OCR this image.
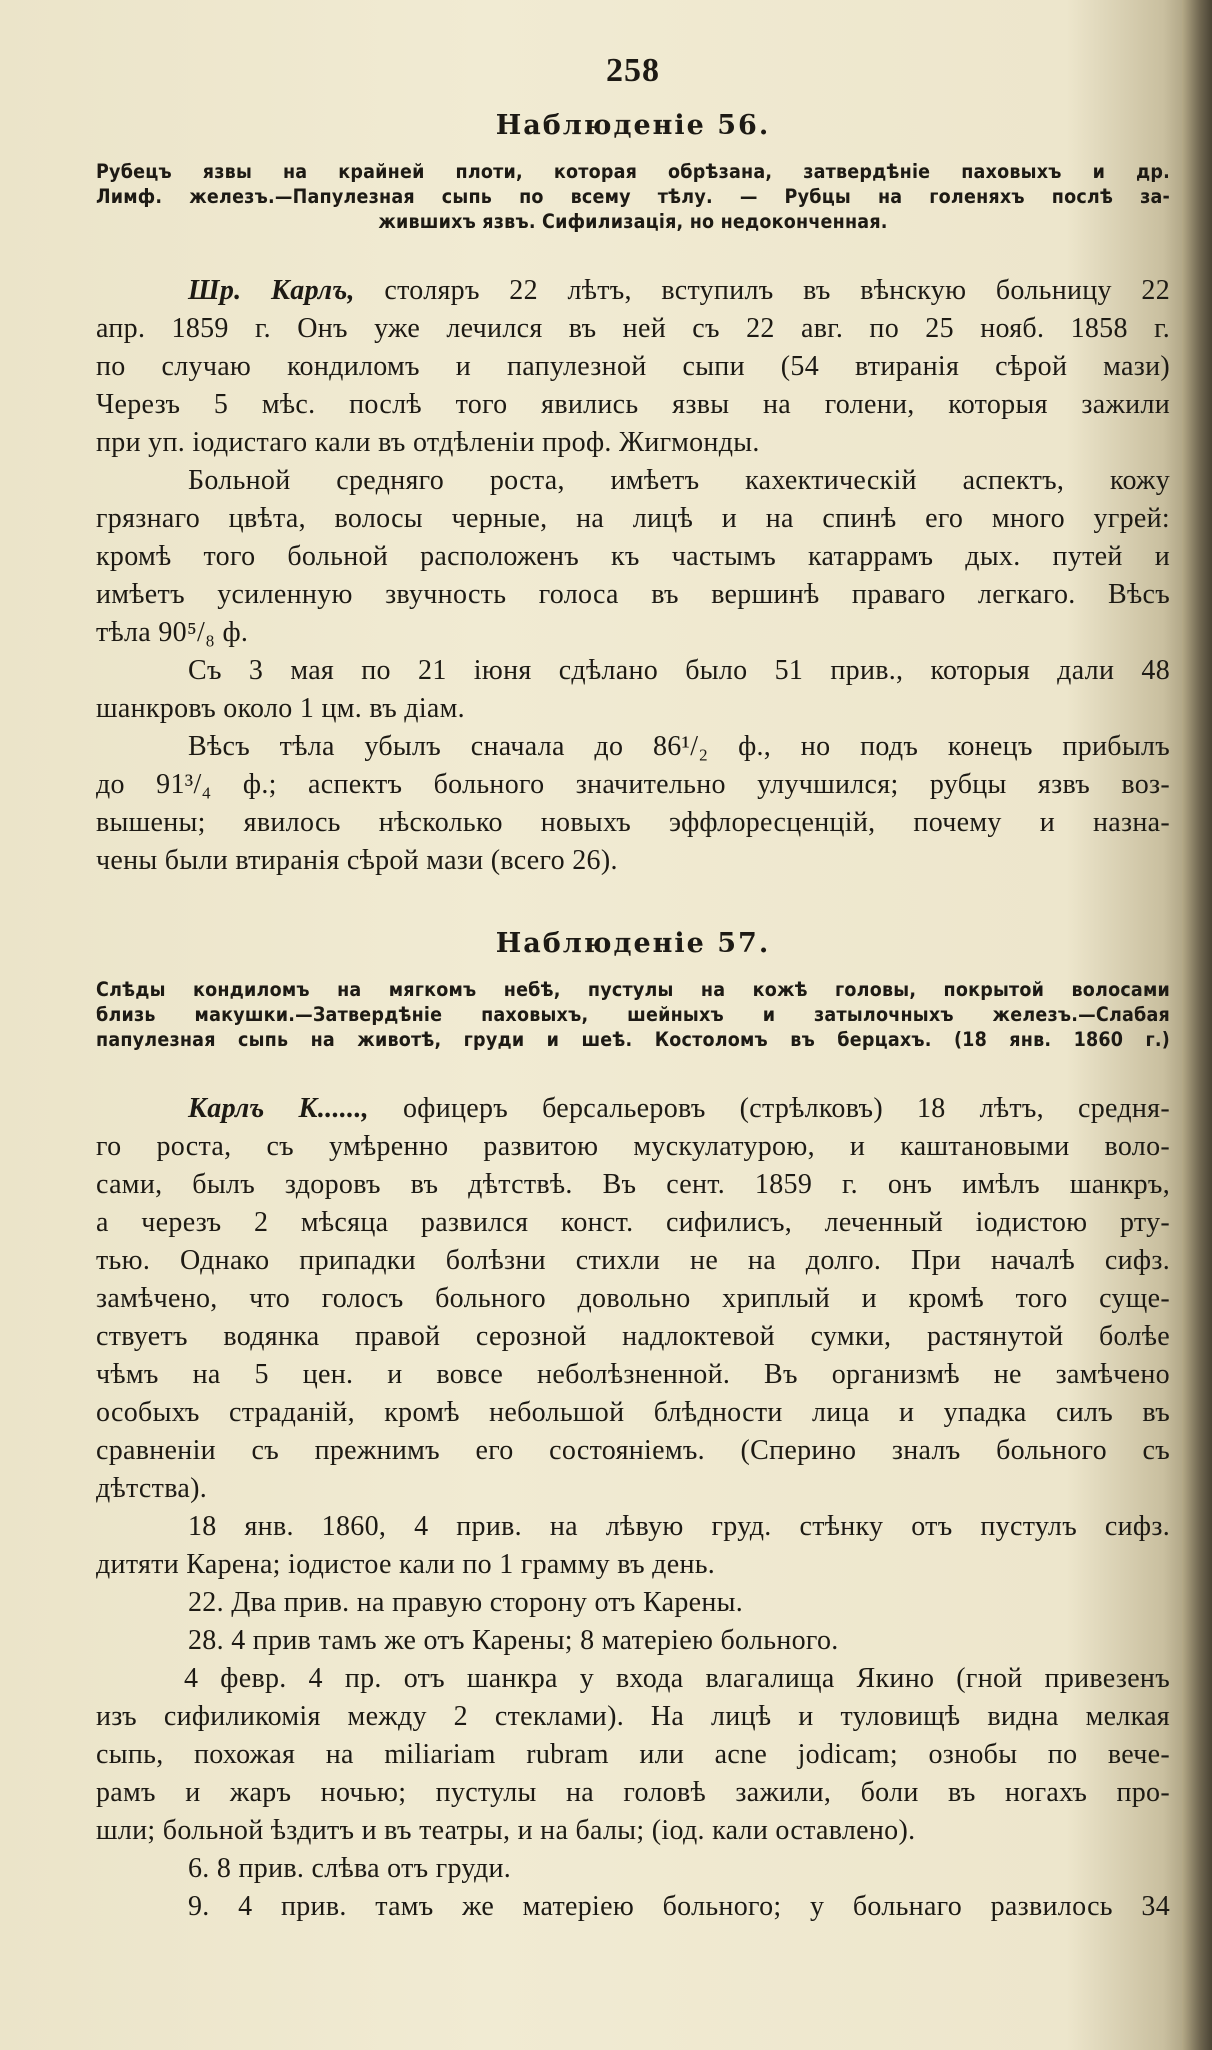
258
Наблюденіе 56.

Рубецъ язвы на крайней плоти, которая обрѣзана, затвердѣніе паховыхъ и др.

Лимф. железъ.—Папулезная сыпь по всему тѣлу. — Рубцы на голеняхъ послѣ за-

жившихъ язвъ. Сифилизація, но недоконченная.

Шр. Карлъ, столяръ 22 лѣтъ, вступилъ въ вѣнскую больницу 22

апр. 1859 г. Онъ уже лечился въ ней съ 22 авг. по 25 нояб. 1858 г.

по случаю кондиломъ и папулезной сыпи (54 втиранія сѣрой мази)

Черезъ 5 мѣс. послѣ того явились язвы на голени, которыя зажили

при уп. іодистаго кали въ отдѣленіи проф. Жигмонды.

Больной средняго роста, имѣетъ кахектическій аспектъ, кожу

грязнаго цвѣта, волосы черные, на лицѣ и на спинѣ его много угрей:

кромѣ того больной расположенъ къ частымъ катаррамъ дых. путей и

имѣетъ усиленную звучность голоса въ вершинѣ праваго легкаго. Вѣсъ

тѣла 90⁵/₈ ф.

Съ 3 мая по 21 іюня сдѣлано было 51 прив., которыя дали 48

шанкровъ около 1 цм. въ діам.

Вѣсъ тѣла убылъ сначала до 86¹/₂ ф., но подъ конецъ прибылъ

до 91³/₄ ф.; аспектъ больного значительно улучшился; рубцы язвъ воз-

вышены; явилось нѣсколько новыхъ эффлоресценцій, почему и назна-

чены были втиранія сѣрой мази (всего 26).

Наблюденіе 57.

Слѣды кондиломъ на мягкомъ небѣ, пустулы на кожѣ головы, покрытой волосами

близь макушки.—Затвердѣніе паховыхъ, шейныхъ и затылочныхъ железъ.—Слабая

папулезная сыпь на животѣ, груди и шеѣ. Костоломъ въ берцахъ. (18 янв. 1860 г.)

Карлъ К......, офицеръ берсальеровъ (стрѣлковъ) 18 лѣтъ, средня-

го роста, съ умѣренно развитою мускулатурою, и каштановыми воло-

сами, былъ здоровъ въ дѣтствѣ. Въ сент. 1859 г. онъ имѣлъ шанкръ,

а черезъ 2 мѣсяца развился конст. сифилисъ, леченный іодистою рту-

тью. Однако припадки болѣзни стихли не на долго. При началѣ сифз.

замѣчено, что голосъ больного довольно хриплый и кромѣ того суще-

ствуетъ водянка правой серозной надлоктевой сумки, растянутой болѣе

чѣмъ на 5 цен. и вовсе неболѣзненной. Въ организмѣ не замѣчено

особыхъ страданій, кромѣ небольшой блѣдности лица и упадка силъ въ

сравненіи съ прежнимъ его состояніемъ. (Сперино зналъ больного съ

дѣтства).

18 янв. 1860, 4 прив. на лѣвую груд. стѣнку отъ пустулъ сифз.

дитяти Карена; іодистое кали по 1 грамму въ день.

22. Два прив. на правую сторону отъ Карены.

28. 4 прив тамъ же отъ Карены; 8 матеріею больного.

4 февр. 4 пр. отъ шанкра у входа влагалища Якино (гной привезенъ

изъ сифиликомія между 2 стеклами). На лицѣ и туловищѣ видна мелкая

сыпь, похожая на miliariam rubram или acne jodicam; ознобы по вече-

рамъ и жаръ ночью; пустулы на головѣ зажили, боли въ ногахъ про-

шли; больной ѣздитъ и въ театры, и на балы; (іод. кали оставлено).

6. 8 прив. слѣва отъ груди.

9. 4 прив. тамъ же матеріею больного; у больнаго развилось 34
